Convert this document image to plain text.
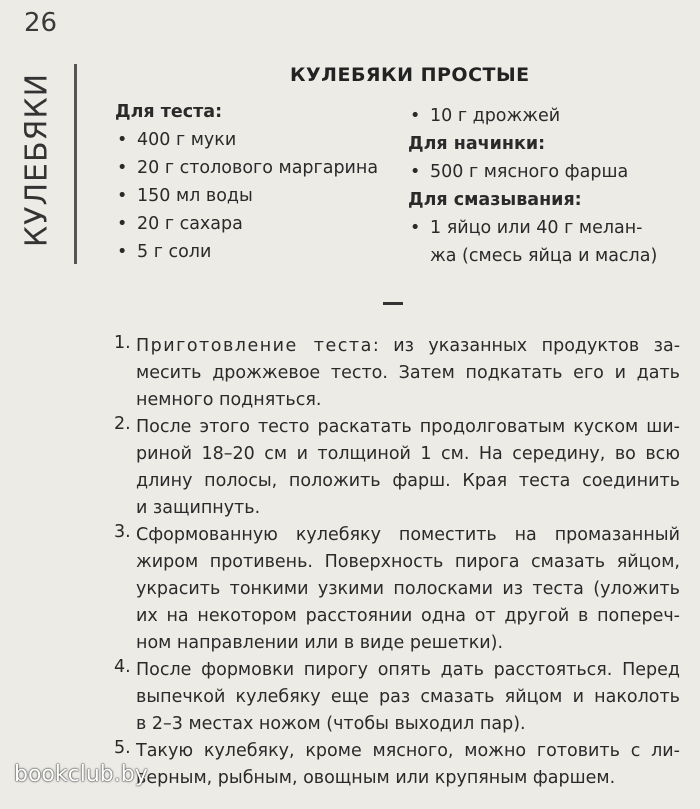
26
КУЛЕБЯКИ	КУЛЕБЯКИ ПРОСТЫЕ
Для теста:
• 400 г муки
• 20 г столового маргарина
• 150 мл воды
• 20 г сахара
• 5 г соли
• 10 г дрожжей
Для начинки:
• 500 г мясного фарша
Для смазывания:
• 1 яйцо или 40 г мелан-
жа (смесь яйца и масла)
1. Приготовление теста: из указанных продуктов за-
месить дрожжевое тесто. Затем подкатать его и дать
немного подняться.
2. После этого тесто раскатать продолговатым куском ши-
риной 18–20 см и толщиной 1 см. На середину, во всю
длину полосы, положить фарш. Края теста соединить
и защипнуть.
3. Сформованную кулебяку поместить на промазанный
жиром противень. Поверхность пирога смазать яйцом,
украсить тонкими узкими полосками из теста (уложить
их на некотором расстоянии одна от другой в попереч-
ном направлении или в виде решетки).
4. После формовки пирогу опять дать расстояться. Перед
выпечкой кулебяку еще раз смазать яйцом и наколоть
в 2–3 местах ножом (чтобы выходил пар).
5. Такую кулебяку, кроме мясного, можно готовить с ли-
верным, рыбным, овощным или крупяным фаршем.
bookclub.by
